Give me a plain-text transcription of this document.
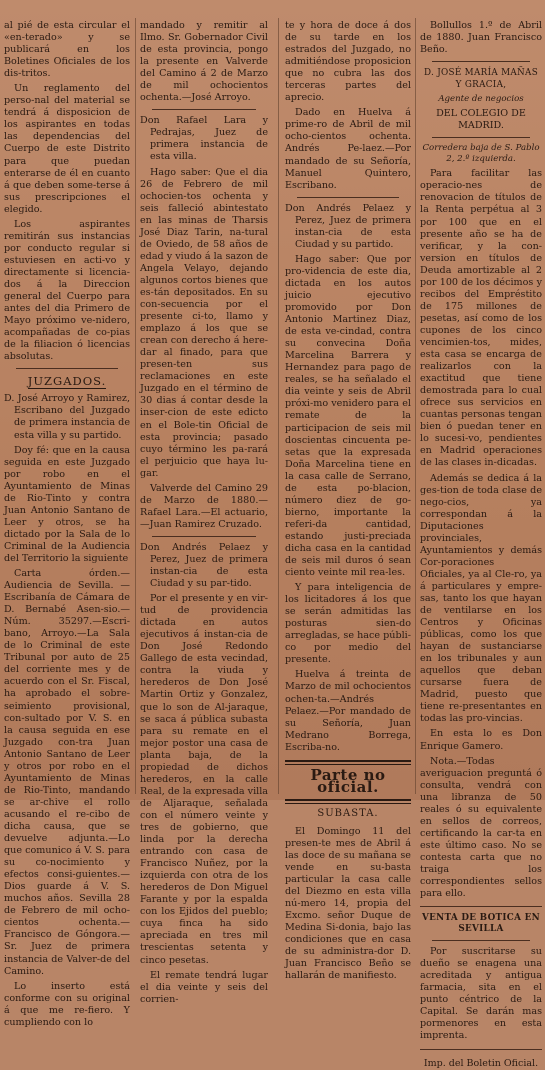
al pié de esta circular el «en-terado» y se publicará en los Boletines Oficiales de los dis-tritos.

Un reglamento del perso-nal del material se tendrá á disposicion de los aspirantes en todas las dependencias del Cuerpo de este Distrito para que puedan enterarse de él en cuanto á que deben some-terse á sus prescripciones el elegido.

Los aspirantes remitirán sus instancias por conducto regular si estuviesen en acti-vo y directamente si licencia-dos á la Direccion general del Cuerpo para antes del dia Primero de Mayo próximo ve-nidero, acompañadas de co-pias de la filiacion ó licencias absolutas.

JUZGADOS.

D. José Arroyo y Ramirez, Escribano del Juzgado de primera instancia de esta villa y su partido.

Doy fé: que en la causa seguida en este Juzgado por robo en el Ayuntamiento de Minas de Rio-Tinto y contra Juan Antonio Santano de Leer y otros, se ha dictado por la Sala de lo Criminal de la Audiencia del Territorio la siguiente

Carta órden.—Audiencia de Sevilla. — Escribanía de Cámara de D. Bernabé Asen-sio.—Núm. 35297.—Escri-bano, Arroyo.—La Sala de lo Criminal de este Tribunal por auto de 25 del corriente mes y de acuerdo con el Sr. Fiscal, ha aprobado el sobre-seimiento provisional, con-sultado por V. S. en la causa seguida en ese Juzgado con-tra Juan Antonio Santano de Leer y otros por robo en el Ayuntamiento de Minas de Rio-Tinto, mandando se ar-chive el rollo acusando el re-cibo de dicha causa, que se devuelve adjunta.—Lo que comunico á V. S. para su co-nocimiento y efectos consi-guientes.—Dios guarde á V. S. muchos años. Sevilla 28 de Febrero de mil ocho-cientos ochenta.—Francisco de Góngora.—Sr. Juez de primera instancia de Valver-de del Camino.

Lo inserto está conforme con su original á que me re-fiero. Y cumpliendo con lo

mandado y remitir al Ilmo. Sr. Gobernador Civil de esta provincia, pongo la presente en Valverde del Camino á 2 de Marzo de mil ochocientos ochenta.—José Arroyo.

Don Rafael Lara y Pedrajas, Juez de primera instancia de esta villa.

Hago saber: Que el dia 26 de Febrero de mil ochocien-tos ochenta y seis falleció abintestato en las minas de Tharsis José Diaz Tarin, na-tural de Oviedo, de 58 años de edad y viudo á la sazon de Angela Velayo, dejando algunos cortos bienes que es-tán depositados. En su con-secuencia por el presente ci-to, llamo y emplazo á los que se crean con derecho á here-dar al finado, para que presen-ten sus reclamaciones en este Juzgado en el término de 30 dias á contar desde la inser-cion de este edicto en el Bole-tin Oficial de esta provincia; pasado cuyo término les pa-rará el perjuicio que haya lu-gar.

Valverde del Camino 29 de Marzo de 1880.—Rafael Lara.—El actuario,—Juan Ramirez Cruzado.

Don Andrés Pelaez y Perez, Juez de primera instan-cia de esta Ciudad y su par-tido.

Por el presente y en vir-tud de providencia dictada en autos ejecutivos á instan-cia de Don José Redondo Gallego de esta vecindad, contra la viuda y herederos de Don José Martin Ortiz y Gonzalez, que lo son de Al-jaraque, se saca á pública subasta para su remate en el mejor postor una casa de planta baja, de la propiedad de dichos herederos, en la calle Real, de la expresada villa de Aljaraque, señalada con el número veinte y tres de gobierno, que linda por la derecha entrando con casa de Francisco Nuñez, por la izquierda con otra de los herederos de Don Miguel Farante y por la espalda con los Ejidos del pueblo; cuya finca ha sido apreciada en tres mil trescientas setenta y cinco pesetas.

El remate tendrá lugar el dia veinte y seis del corrien-

te y hora de doce á dos de su tarde en los estrados del Juzgado, no admitiéndose proposicion que no cubra las dos terceras partes del aprecio.

Dado en Huelva á prime-ro de Abril de mil ocho-cientos ochenta. Andrés Pe-laez.—Por mandado de su Señoría, Manuel Quintero, Escribano.

Don Andrés Pelaez y Perez, Juez de primera instan-cia de esta Ciudad y su partido.

Hago saber: Que por pro-videncia de este dia, dictada en los autos juicio ejecutivo promovido por Don Antonio Martinez Diaz, de esta ve-cindad, contra su convecina Doña Marcelina Barrera y Hernandez para pago de reales, se ha señalado el dia veinte y seis de Abril próxi-mo venidero para el remate de la participacion de seis mil doscientas cincuenta pe-setas que la expresada Doña Marcelina tiene en la casa calle de Serrano, de esta po-blacion, número diez de go-bierno, importante la referi-da cantidad, estando justi-preciada dicha casa en la cantidad de seis mil duros ó sean ciento veinte mil rea-les.

Y para inteligencia de los licitadores á los que se serán admitidas las posturas sien-do arregladas, se hace públi-co por medio del presente.

Huelva á treinta de Marzo de mil ochocientos ochen-ta.—Andrés Pelaez.—Por mandado de su Señoría, Juan Medrano Borrega, Escriba-no.

Parte no oficial.
SUBASTA.

El Domingo 11 del presen-te mes de Abril á las doce de su mañana se vende en su-basta particular la casa calle del Diezmo en esta villa nú-mero 14, propia del Excmo. señor Duque de Medina Si-donia, bajo las condiciones que en casa de su administra-dor D. Juan Francisco Beño se hallarán de manifiesto.

Bollullos 1.º de Abril de 1880. Juan Francisco Beño.

D. JOSÉ MARÍA MAÑAS Y GRACIA,

Agente de negocios

DEL COLEGIO DE MADRID.

Corredera baja de S. Pablo 2, 2.º izquierda.

Para facilitar las operacio-nes de renovacion de títulos de la Renta perpétua al 3 por 100 que en el presente año se ha de verificar, y la con-version en títulos de Deuda amortizable al 2 por 100 de los décimos y recibos del Empréstito de 175 millones de pesetas, así como de los cupones de los cinco vencimien-tos, mides, esta casa se encarga de realizarlos con la exactitud que tiene demostrada para lo cual ofrece sus servicios en cuantas personas tengan bien ó puedan tener en lo sucesi-vo, pendientes en Madrid operaciones de las clases in-dicadas.

Además se dedica á la ges-tion de toda clase de nego-cios, ya correspondan á la Diputaciones provinciales, Ayuntamientos y demás Cor-poraciones Oficiales, ya al Cle-ro, ya á particulares y empre-sas, tanto los que hayan de ventilarse en los Centros y Oficinas públicas, como los que hayan de sustanciarse en los tribunales y aun aquellos que deban cursarse fuera de Madrid, puesto que tiene re-presentantes en todas las pro-vincias.

En esta lo es Don Enrique Gamero.

Nota.—Todas averiguacion preguntá ó consulta, vendrá con una libranza de 50 reales ó su equivalente en sellos de correos, certificando la car-ta en este último caso. No se contesta carta que no traiga los correspondientes sellos para ello.

VENTA DE BOTICA EN SEVILLA

Por suscritarse su dueño se enagena una acreditada y antigua farmacia, sita en el punto céntrico de la Capital. Se darán mas pormenores en esta imprenta.

Imp. del Boletin Oficial.
